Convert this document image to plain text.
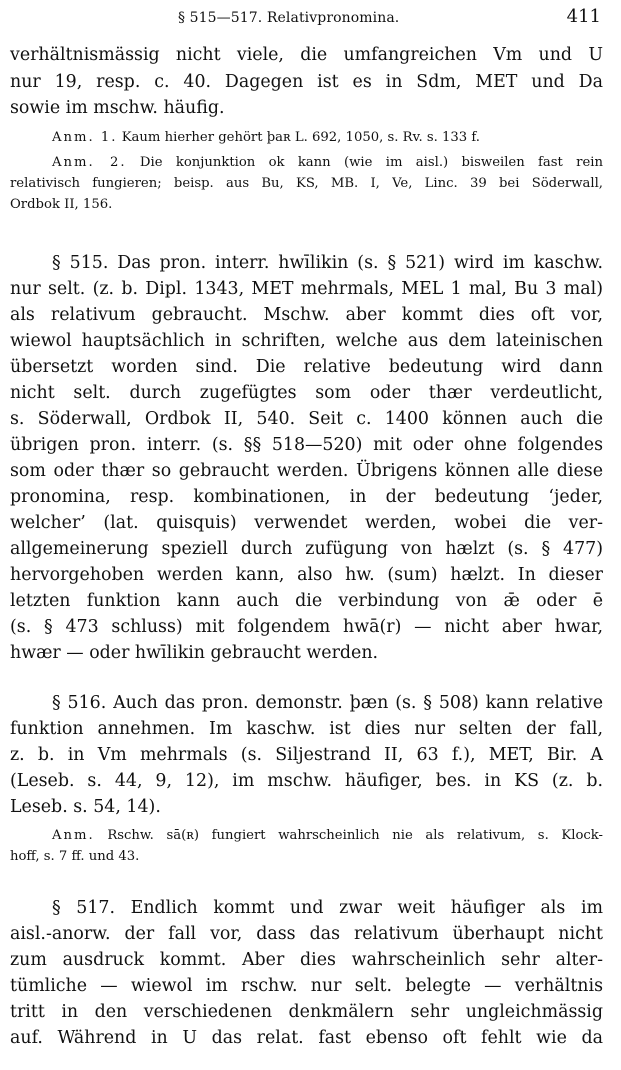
§ 515—517. Relativpronomina.	411
verhältnismässig nicht viele, die umfangreichen Vm und U
nur 19, resp. c. 40. Dagegen ist es in Sdm, MET und Da
sowie im mschw. häufig.
Anm. 1. Kaum hierher gehört þaʀ L. 692, 1050, s. Rv. s. 133 f.
Anm. 2. Die konjunktion ok kann (wie im aisl.) bisweilen fast rein
relativisch fungieren; beisp. aus Bu, KS, MB. I, Ve, Linc. 39 bei Söderwall,
Ordbok II, 156.
§ 515. Das pron. interr. hwīlikin (s. § 521) wird im kaschw.
nur selt. (z. b. Dipl. 1343, MET mehrmals, MEL 1 mal, Bu 3 mal)
als relativum gebraucht. Mschw. aber kommt dies oft vor,
wiewol hauptsächlich in schriften, welche aus dem lateinischen
übersetzt worden sind. Die relative bedeutung wird dann
nicht selt. durch zugefügtes som oder thær verdeutlicht,
s. Söderwall, Ordbok II, 540. Seit c. 1400 können auch die
übrigen pron. interr. (s. §§ 518—520) mit oder ohne folgendes
som oder thær so gebraucht werden. Übrigens können alle diese
pronomina, resp. kombinationen, in der bedeutung ‘jeder,
welcher’ (lat. quisquis) verwendet werden, wobei die ver-
allgemeinerung speziell durch zufügung von hælzt (s. § 477)
hervorgehoben werden kann, also hw. (sum) hælzt. In dieser
letzten funktion kann auch die verbindung von ǣ oder ē
(s. § 473 schluss) mit folgendem hwā(r) — nicht aber hwar,
hwær — oder hwīlikin gebraucht werden.
§ 516. Auch das pron. demonstr. þæn (s. § 508) kann relative
funktion annehmen. Im kaschw. ist dies nur selten der fall,
z. b. in Vm mehrmals (s. Siljestrand II, 63 f.), MET, Bir. A
(Leseb. s. 44, 9, 12), im mschw. häufiger, bes. in KS (z. b.
Leseb. s. 54, 14).
Anm. Rschw. sā(ʀ) fungiert wahrscheinlich nie als relativum, s. Klock-
hoff, s. 7 ff. und 43.
§ 517. Endlich kommt und zwar weit häufiger als im
aisl.-anorw. der fall vor, dass das relativum überhaupt nicht
zum ausdruck kommt. Aber dies wahrscheinlich sehr alter-
tümliche — wiewol im rschw. nur selt. belegte — verhältnis
tritt in den verschiedenen denkmälern sehr ungleichmässig
auf. Während in U das relat. fast ebenso oft fehlt wie da
